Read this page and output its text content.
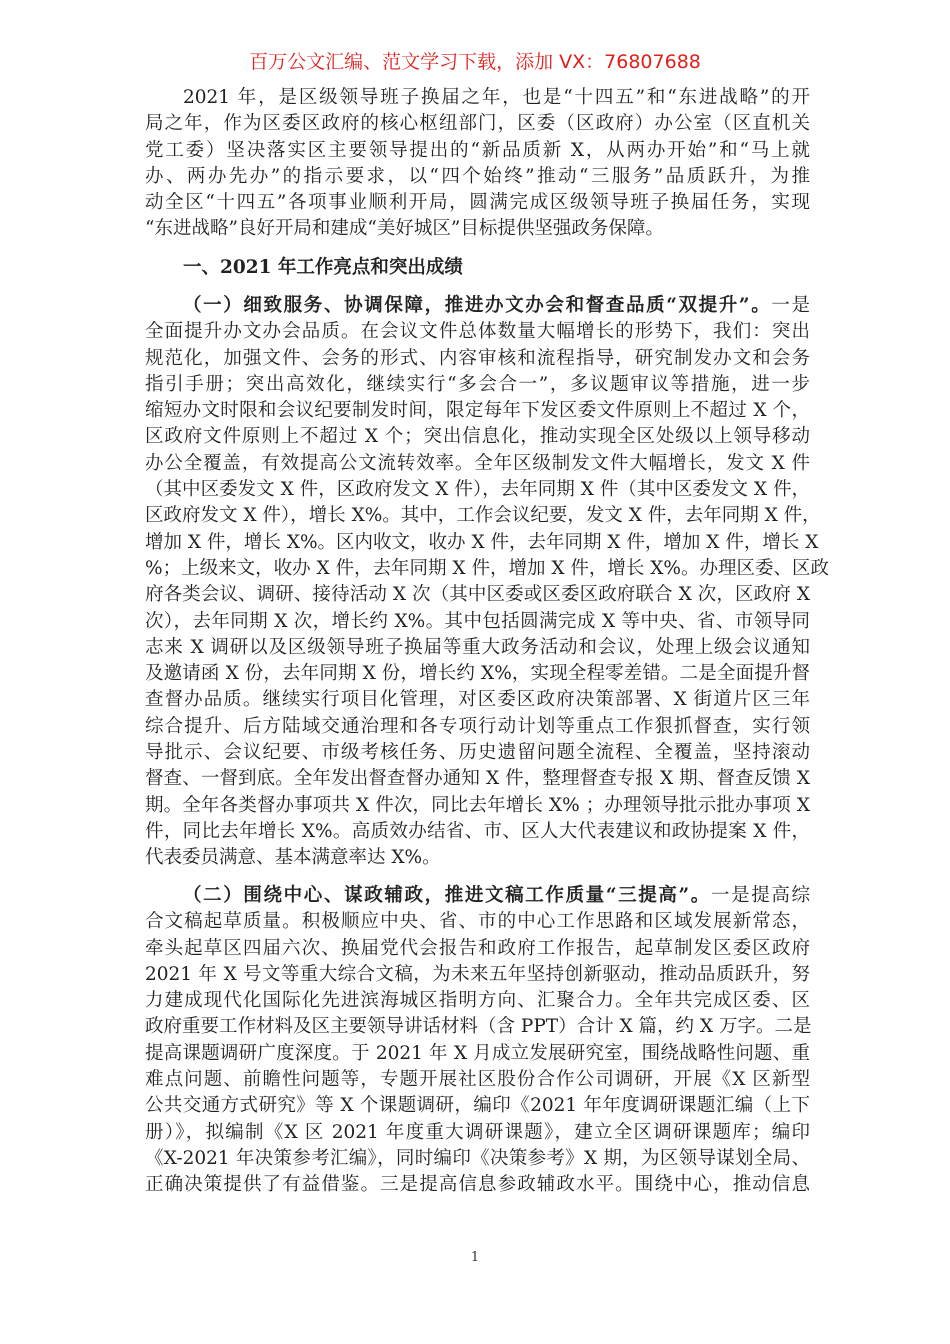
百万公文汇编、范文学习下载，添加 VX：76807688
2021 年，是区级领导班子换届之年，也是“十四五”和“东进战略”的开
局之年，作为区委区政府的核心枢纽部门，区委（区政府）办公室（区直机关
党工委）坚决落实区主要领导提出的“新品质新 X，从两办开始”和“马上就
办、两办先办”的指示要求，以“四个始终”推动“三服务”品质跃升，为推
动全区“十四五”各项事业顺利开局，圆满完成区级领导班子换届任务，实现
“东进战略”良好开局和建成“美好城区”目标提供坚强政务保障。
一、2021 年工作亮点和突出成绩
（一）细致服务、协调保障，推进办文办会和督查品质“双提升”。一是
全面提升办文办会品质。在会议文件总体数量大幅增长的形势下，我们：突出
规范化，加强文件、会务的形式、内容审核和流程指导，研究制发办文和会务
指引手册；突出高效化，继续实行“多会合一”，多议题审议等措施，进一步
缩短办文时限和会议纪要制发时间，限定每年下发区委文件原则上不超过 X 个，
区政府文件原则上不超过 X 个；突出信息化，推动实现全区处级以上领导移动
办公全覆盖，有效提高公文流转效率。全年区级制发文件大幅增长，发文 X 件
（其中区委发文 X 件，区政府发文 X 件），去年同期 X 件（其中区委发文 X 件，
区政府发文 X 件），增长 X%。其中，工作会议纪要，发文 X 件，去年同期 X 件，
增加 X 件，增长 X%。区内收文，收办 X 件，去年同期 X 件，增加 X 件，增长 X
%；上级来文，收办 X 件，去年同期 X 件，增加 X 件，增长 X%。办理区委、区政
府各类会议、调研、接待活动 X 次（其中区委或区委区政府联合 X 次，区政府 X
次），去年同期 X 次，增长约 X%。其中包括圆满完成 X 等中央、省、市领导同
志来 X 调研以及区级领导班子换届等重大政务活动和会议，处理上级会议通知
及邀请函 X 份，去年同期 X 份，增长约 X%，实现全程零差错。二是全面提升督
查督办品质。继续实行项目化管理，对区委区政府决策部署、X 街道片区三年
综合提升、后方陆域交通治理和各专项行动计划等重点工作狠抓督查，实行领
导批示、会议纪要、市级考核任务、历史遗留问题全流程、全覆盖，坚持滚动
督查、一督到底。全年发出督查督办通知 X 件，整理督查专报 X 期、督查反馈 X
期。全年各类督办事项共 X 件次，同比去年增长 X% ；办理领导批示批办事项 X
件，同比去年增长 X%。高质效办结省、市、区人大代表建议和政协提案 X 件，
代表委员满意、基本满意率达 X%。
（二）围绕中心、谋政辅政，推进文稿工作质量“三提高”。一是提高综
合文稿起草质量。积极顺应中央、省、市的中心工作思路和区域发展新常态，
牵头起草区四届六次、换届党代会报告和政府工作报告，起草制发区委区政府
2021 年 X 号文等重大综合文稿，为未来五年坚持创新驱动，推动品质跃升，努
力建成现代化国际化先进滨海城区指明方向、汇聚合力。全年共完成区委、区
政府重要工作材料及区主要领导讲话材料（含 PPT）合计 X 篇，约 X 万字。二是
提高课题调研广度深度。于 2021 年 X 月成立发展研究室，围绕战略性问题、重
难点问题、前瞻性问题等，专题开展社区股份合作公司调研，开展《X 区新型
公共交通方式研究》等 X 个课题调研，编印《2021 年年度调研课题汇编（上下
册）》，拟编制《X 区 2021 年度重大调研课题》，建立全区调研课题库；编印
《X-2021 年决策参考汇编》，同时编印《决策参考》X 期，为区领导谋划全局、
正确决策提供了有益借鉴。三是提高信息参政辅政水平。围绕中心，推动信息
1
